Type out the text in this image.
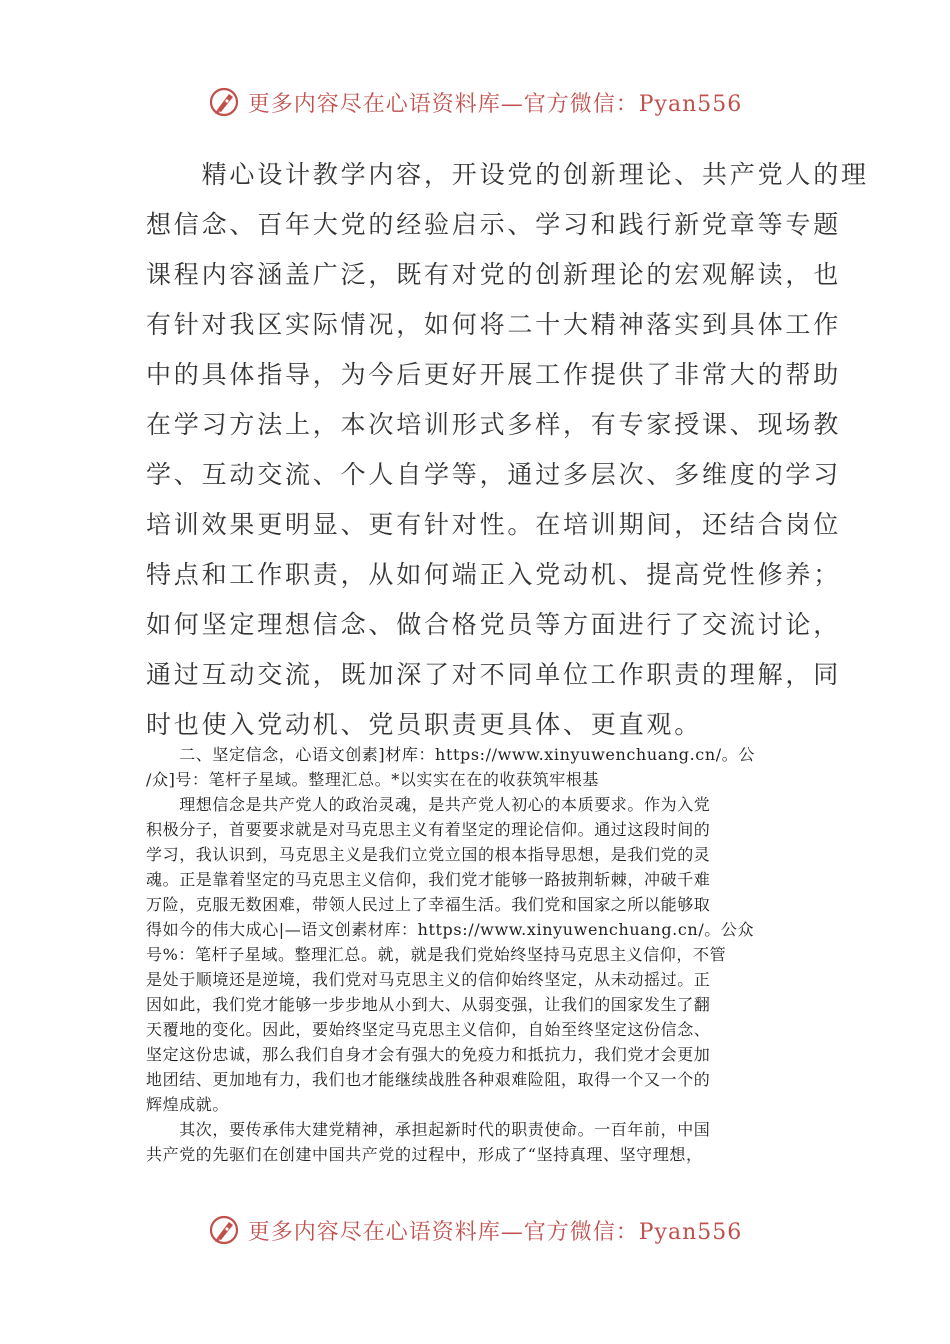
更多内容尽在心语资料库—官方微信：Pyan556
　　精心设计教学内容，开设党的创新理论、共产党人的理
想信念、百年大党的经验启示、学习和践行新党章等专题
课程内容涵盖广泛，既有对党的创新理论的宏观解读，也
有针对我区实际情况，如何将二十大精神落实到具体工作
中的具体指导，为今后更好开展工作提供了非常大的帮助
在学习方法上，本次培训形式多样，有专家授课、现场教
学、互动交流、个人自学等，通过多层次、多维度的学习
培训效果更明显、更有针对性。在培训期间，还结合岗位
特点和工作职责，从如何端正入党动机、提高党性修养；
如何坚定理想信念、做合格党员等方面进行了交流讨论，
通过互动交流，既加深了对不同单位工作职责的理解，同
时也使入党动机、党员职责更具体、更直观。
　　二、坚定信念，心语文创素]材库：https://www.xinyuwenchuang.cn/。公
/众]号：笔杆子星域。整理汇总。*以实实在在的收获筑牢根基
　　理想信念是共产党人的政治灵魂，是共产党人初心的本质要求。作为入党
积极分子，首要要求就是对马克思主义有着坚定的理论信仰。通过这段时间的
学习，我认识到，马克思主义是我们立党立国的根本指导思想，是我们党的灵
魂。正是靠着坚定的马克思主义信仰，我们党才能够一路披荆斩棘，冲破千难
万险，克服无数困难，带领人民过上了幸福生活。我们党和国家之所以能够取
得如今的伟大成心|—语文创素材库：https://www.xinyuwenchuang.cn/。公众
号%：笔杆子星域。整理汇总。就，就是我们党始终坚持马克思主义信仰，不管
是处于顺境还是逆境，我们党对马克思主义的信仰始终坚定，从未动摇过。正
因如此，我们党才能够一步步地从小到大、从弱变强，让我们的国家发生了翻
天覆地的变化。因此，要始终坚定马克思主义信仰，自始至终坚定这份信念、
坚定这份忠诚，那么我们自身才会有强大的免疫力和抵抗力，我们党才会更加
地团结、更加地有力，我们也才能继续战胜各种艰难险阻，取得一个又一个的
辉煌成就。
　　其次，要传承伟大建党精神，承担起新时代的职责使命。一百年前，中国
共产党的先驱们在创建中国共产党的过程中，形成了“坚持真理、坚守理想，
更多内容尽在心语资料库—官方微信：Pyan556
